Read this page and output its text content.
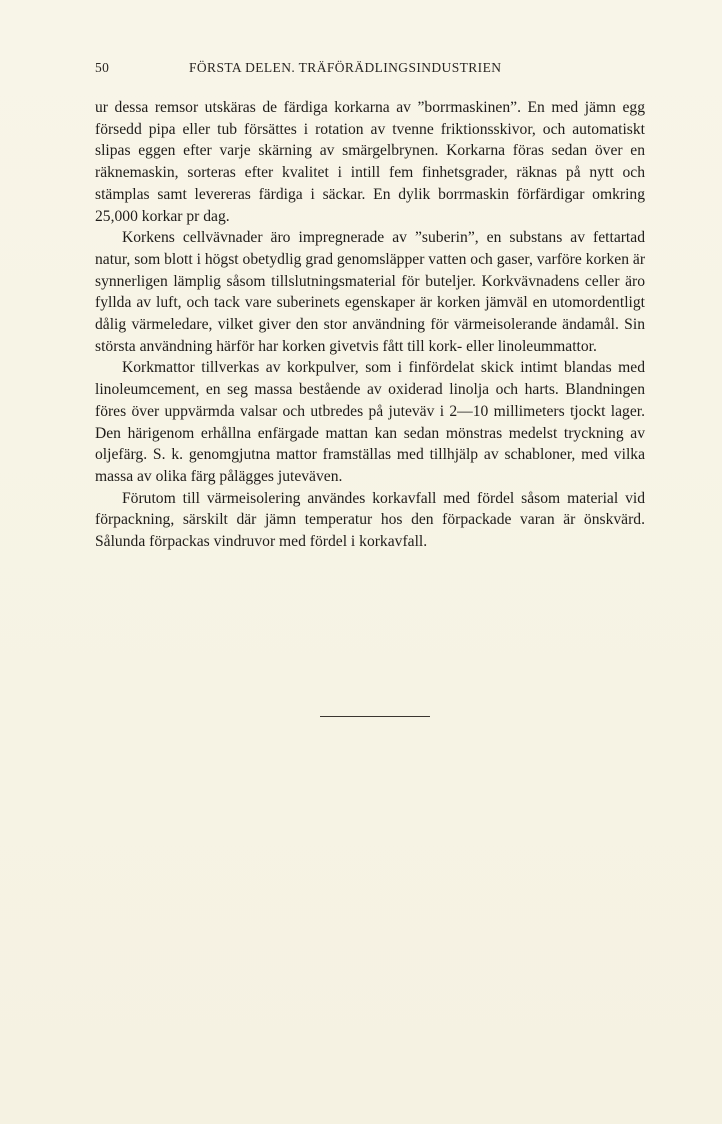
50	FÖRSTA DELEN. TRÄFÖRÄDLINGSINDUSTRIEN

ur dessa remsor utskäras de färdiga korkarna av ”borrmaskinen”. En med jämn egg försedd pipa eller tub försättes i rotation av tvenne friktionsskivor, och automatiskt slipas eggen efter varje skärning av smärgelbrynen. Korkarna föras sedan över en räknemaskin, sorteras efter kvalitet i intill fem finhetsgrader, räknas på nytt och stämplas samt levereras färdiga i säckar. En dylik borrmaskin förfärdigar omkring 25,000 korkar pr dag.

Korkens cellvävnader äro impregnerade av ”suberin”, en substans av fettartad natur, som blott i högst obetydlig grad genomsläpper vatten och gaser, varföre korken är synnerligen lämplig såsom tillslutningsmaterial för buteljer. Korkvävnadens celler äro fyllda av luft, och tack vare suberinets egenskaper är korken jämväl en utomordentligt dålig värmeledare, vilket giver den stor användning för värmeisolerande ändamål. Sin största användning härför har korken givetvis fått till kork- eller linoleummattor.

Korkmattor tillverkas av korkpulver, som i finfördelat skick intimt blandas med linoleumcement, en seg massa bestående av oxiderad linolja och harts. Blandningen föres över uppvärmda valsar och utbredes på juteväv i 2—10 millimeters tjockt lager. Den härigenom erhållna enfärgade mattan kan sedan mönstras medelst tryckning av oljefärg. S. k. genomgjutna mattor framställas med tillhjälp av schabloner, med vilka massa av olika färg pålägges juteväven.

Förutom till värmeisolering användes korkavfall med fördel såsom material vid förpackning, särskilt där jämn temperatur hos den förpackade varan är önskvärd. Sålunda förpackas vindruvor med fördel i korkavfall.
